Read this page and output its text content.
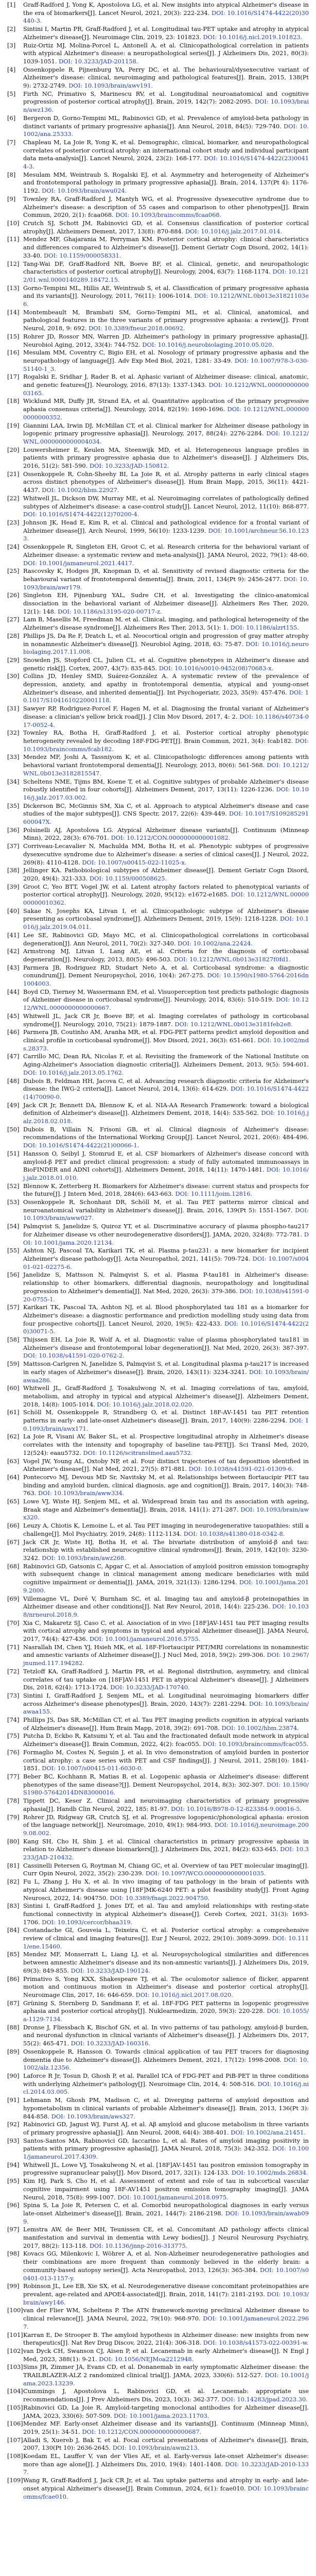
[1] Graff-Radford J, Yong K, Apostolova LG, et al. New insights into atypical Alzheimer's disease in the era of biomarkers[J]. Lancet Neurol, 2021, 20(3): 222-234. DOI: 10.1016/S1474-4422(20)30440-3.
[2] Sintini I, Martin PR, Graff-Radford J, et al. Longitudinal tau-PET uptake and atrophy in atypical Alzheimer's disease[J]. Neuroimage Clin, 2019, 23: 101823. DOI: 10.1016/j.nicl.2019.101823.
[3] Ruiz-Ortiz MJ, Molina-Porcel L, Antonell A, et al. Clinicopathological correlation in patients with atypical Alzheimer's disease: a neuropathological series[J]. J Alzheimers Dis, 2021, 80(3): 1039-1051. DOI: 10.3233/JAD-201158.
[4] Ossenkoppele R, Pijnenburg YA, Perry DC, et al. The behavioural/dysexecutive variant of Alzheimer's disease: clinical, neuroimaging and pathological features[J]. Brain, 2015, 138(Pt 9): 2732-2749. DOI: 10.1093/brain/awv191.
[5] Firth NC, Primativo S, Marinescu RV, et al. Longitudinal neuroanatomical and cognitive progression of posterior cortical atrophy[J]. Brain, 2019, 142(7): 2082-2095. DOI: 10.1093/brain/awz136.
[6] Bergeron D, Gorno-Tempini ML, Rabinovici GD, et al. Prevalence of amyloid-beta pathology in distinct variants of primary progressive aphasia[J]. Ann Neurol, 2018, 84(5): 729-740. DOI: 10.1002/ana.25333.
[7] Chapleau M, La Joie R, Yong K, et al. Demographic, clinical, biomarker, and neuropathological correlates of posterior cortical atrophy: an international cohort study and individual participant data meta-analysis[J]. Lancet Neurol, 2024, 23(2): 168-177. DOI: 10.1016/S1474-4422(23)00414-3.
[8] Mesulam MM, Weintraub S, Rogalski EJ, et al. Asymmetry and heterogeneity of Alzheimer's and frontotemporal pathology in primary progressive aphasia[J]. Brain, 2014, 137(Pt 4): 1176-1192. DOI: 10.1093/brain/awu024.
[9] Townley RA, Graff-Radford J, Mantyh WG, et al. Progressive dysexecutive syndrome due to Alzheimer's disease: a description of 55 cases and comparison to other phenotypes[J]. Brain Commun, 2020, 2(1): fcaa068. DOI: 10.1093/braincomms/fcaa068.
[10] Crutch SJ, Schott JM, Rabinovici GD, et al. Consensus classification of posterior cortical atrophy[J]. Alzheimers Dement, 2017, 13(8): 870-884. DOI: 10.1016/j.jalz.2017.01.014.
[11] Mendez MF, Ghajarania M, Perryman KM. Posterior cortical atrophy: clinical characteristics and differences compared to Alzheimer's disease[J]. Dement Geriatr Cogn Disord, 2002, 14(1): 33-40. DOI: 10.1159/000058331.
[12] Tang-Wai DF, Graff-Radford NR, Boeve BF, et al. Clinical, genetic, and neuropathologic characteristics of posterior cortical atrophy[J]. Neurology, 2004, 63(7): 1168-1174. DOI: 10.1212/01.wnl.0000140289.18472.15.
[13] Gorno-Tempini ML, Hillis AE, Weintraub S, et al. Classification of primary progressive aphasia and its variants[J]. Neurology, 2011, 76(11): 1006-1014. DOI: 10.1212/WNL.0b013e31821103e6.
[14] Montembeault M, Brambati SM, Gorno-Tempini ML, et al. Clinical, anatomical, and pathological features in the three variants of primary progressive aphasia: a review[J]. Front Neurol, 2018, 9: 692. DOI: 10.3389/fneur.2018.00692.
[15] Rohrer JD, Rossor MN, Warren JD. Alzheimer's pathology in primary progressive aphasia[J]. Neurobiol Aging, 2012, 33(4): 744-752. DOI: 10.1016/j.neurobiolaging.2010.05.020.
[16] Mesulam MM, Coventry C, Bigio EH, et al. Nosology of primary progressive aphasia and the neuropathology of language[J]. Adv Exp Med Biol, 2021, 1281: 33-49. DOI: 10.1007/978-3-030-51140-1_3.
[17] Rogalski E, Sridhar J, Rader B, et al. Aphasic variant of Alzheimer disease: clinical, anatomic, and genetic features[J]. Neurology, 2016, 87(13): 1337-1343. DOI: 10.1212/WNL.0000000000003165.
[18] Wicklund MR, Duffy JR, Strand EA, et al. Quantitative application of the primary progressive aphasia consensus criteria[J]. Neurology, 2014, 82(19): 1690-1696. DOI: 10.1212/WNL.0000000000000352.
[19] Giannini LAA, Irwin DJ, McMillan CT, et al. Clinical marker for Alzheimer disease pathology in logopenic primary progressive aphasia[J]. Neurology, 2017, 88(24): 2276-2284. DOI: 10.1212/WNL.0000000000004034.
[20] Louwersheimer E, Keulen MA, Steenwijk MD, et al. Heterogeneous language profiles in patients with primary progressive aphasia due to Alzheimer's disease[J]. J Alzheimers Dis, 2016, 51(2): 581-590. DOI: 10.3233/JAD-150812.
[21] Ossenkoppele R, Cohn-Sheehy BI, La Joie R, et al. Atrophy patterns in early clinical stages across distinct phenotypes of Alzheimer's disease[J]. Hum Brain Mapp, 2015, 36(11): 4421-4437. DOI: 10.1002/hbm.22927.
[22] Whitwell JL, Dickson DW, Murray ME, et al. Neuroimaging correlates of pathologically defined subtypes of Alzheimer's disease: a case-control study[J]. Lancet Neurol, 2012, 11(10): 868-877. DOI: 10.1016/S1474-4422(12)70200-4.
[23] Johnson JK, Head E, Kim R, et al. Clinical and pathological evidence for a frontal variant of Alzheimer disease[J]. Arch Neurol, 1999, 56(10): 1233-1239. DOI: 10.1001/archneur.56.10.1233.
[24] Ossenkoppele R, Singleton EH, Groot C, et al. Research criteria for the behavioral variant of Alzheimer disease: a systematic review and meta-analysis[J]. JAMA Neurol, 2022, 79(1): 48-60. DOI: 10.1001/jamaneurol.2021.4417.
[25] Rascovsky K, Hodges JR, Knopman D, et al. Sensitivity of revised diagnostic criteria for the behavioural variant of frontotemporal dementia[J]. Brain, 2011, 134(Pt 9): 2456-2477. DOI: 10.1093/brain/awr179.
[26] Singleton EH, Pijnenburg YAL, Sudre CH, et al. Investigating the clinico-anatomical dissociation in the behavioral variant of Alzheimer disease[J]. Alzheimers Res Ther, 2020, 12(1): 148. DOI: 10.1186/s13195-020-00717-z.
[27] Lam B, Masellis M, Freedman M, et al. Clinical, imaging, and pathological heterogeneity of the Alzheimer's disease syndrome[J]. Alzheimers Res Ther, 2013, 5(1): 1. DOI: 10.1186/alzrt155.
[28] Phillips JS, Da Re F, Dratch L, et al. Neocortical origin and progression of gray matter atrophy in nonamnestic Alzheimer's disease[J]. Neurobiol Aging, 2018, 63: 75-87. DOI: 10.1016/j.neurobiolaging.2017.11.008.
[29] Snowden JS, Stopford CL, Julien CL, et al. Cognitive phenotypes in Alzheimer's disease and genetic risk[J]. Cortex, 2007, 43(7): 835-845. DOI: 10.1016/s0010-9452(08)70683-x.
[30] Collins JD, Henley SMD, Suárez-González A. A systematic review of the prevalence of depression, anxiety, and apathy in frontotemporal dementia, atypical and young-onset Alzheimer's disease, and inherited dementia[J]. Int Psychogeriatr, 2023, 35(9): 457-476. DOI: 10.1017/S1041610220001118.
[31] Sawyer RP, Rodriguez-Porcel F, Hagen M, et al. Diagnosing the frontal variant of Alzheimer's disease: a clinician's yellow brick road[J]. J Clin Mov Disord, 2017, 4: 2. DOI: 10.1186/s40734-017-0052-4.
[32] Townley RA, Botha H, Graff-Radford J, et al. Posterior cortical atrophy phenotypic heterogeneity revealed by decoding 18F-FDG-PET[J]. Brain Commun, 2021, 3(4): fcab182. DOI: 10.1093/braincomms/fcab182.
[33] Mendez MF, Joshi A, Tassniyom K, et al. Clinicopathologic differences among patients with behavioral variant frontotemporal dementia[J]. Neurology, 2013, 80(6): 561-568. DOI: 10.1212/WNL.0b013e3182815547.
[34] Scheltens NME, Tijms BM, Koene T, et al. Cognitive subtypes of probable Alzheimer's disease robustly identified in four cohorts[J]. Alzheimers Dement, 2017, 13(11): 1226-1236. DOI: 10.1016/j.jalz.2017.03.002.
[35] Dickerson BC, McGinnis SM, Xia C, et al. Approach to atypical Alzheimer's disease and case studies of the major subtypes[J]. CNS Spectr, 2017, 22(6): 439-449. DOI: 10.1017/S109285291600047X.
[36] Polsinelli AJ, Apostolova LG. Atypical Alzheimer disease variants[J]. Continuum (Minneap Minn), 2022, 28(3): 676-701. DOI: 10.1212/CON.0000000000001082.
[37] Corriveau-Lecavalier N, Machulda MM, Botha H, et al. Phenotypic subtypes of progressive dysexecutive syndrome due to Alzheimer's disease: a series of clinical cases[J]. J Neurol, 2022, 269(8): 4110-4128. DOI: 10.1007/s00415-022-11025-x.
[38] Jellinger KA. Pathobiological subtypes of Alzheimer disease[J]. Dement Geriatr Cogn Disord, 2020, 49(4): 321-333. DOI: 10.1159/000508625.
[39] Groot C, Yeo BTT, Vogel JW, et al. Latent atrophy factors related to phenotypical variants of posterior cortical atrophy[J]. Neurology, 2020, 95(12): e1672-e1685. DOI: 10.1212/WNL.0000000000010362.
[40] Sakae N, Josephs KA, Litvan I, et al. Clinicopathologic subtype of Alzheimer's disease presenting as corticobasal syndrome[J]. Alzheimers Dement, 2019, 15(9): 1218-1228. DOI: 10.1016/j.jalz.2019.04.011.
[41] Lee SE, Rabinovici GD, Mayo MC, et al. Clinicopathological correlations in corticobasal degeneration[J]. Ann Neurol, 2011, 70(2): 327-340. DOI: 10.1002/ana.22424.
[42] Armstrong MJ, Litvan I, Lang AE, et al. Criteria for the diagnosis of corticobasal degeneration[J]. Neurology, 2013, 80(5): 496-503. DOI: 10.1212/WNL.0b013e31827f0fd1.
[43] Parmera JB, Rodriguez RD, Studart Neto A, et al. Corticobasal syndrome: a diagnostic conundrum[J]. Dement Neuropsychol, 2016, 10(4): 267-275. DOI: 10.1590/s1980-5764-2016dn1004003.
[44] Boyd CD, Tierney M, Wassermann EM, et al. Visuoperception test predicts pathologic diagnosis of Alzheimer disease in corticobasal syndrome[J]. Neurology, 2014, 83(6): 510-519. DOI: 10.1212/WNL.0000000000000667.
[45] Whitwell JL, Jack CR Jr, Boeve BF, et al. Imaging correlates of pathology in corticobasal syndrome[J]. Neurology, 2010, 75(21): 1879-1887. DOI: 10.1212/WNL.0b013e3181feb2e8.
[46] Parmera JB, Coutinho AM, Aranha MR, et al. FDG-PET patterns predict amyloid deposition and clinical profile in corticobasal syndrome[J]. Mov Disord, 2021, 36(3): 651-661. DOI: 10.1002/mds.28373.
[47] Carrillo MC, Dean RA, Nicolas F, et al. Revisiting the framework of the National Institute on Aging-Alzheimer's Association diagnostic criteria[J]. Alzheimers Dement, 2013, 9(5): 594-601. DOI: 10.1016/j.jalz.2013.05.1762.
[48] Dubois B, Feldman HH, Jacova C, et al. Advancing research diagnostic criteria for Alzheimer's disease: the IWG-2 criteria[J]. Lancet Neurol, 2014, 13(6): 614-629. DOI: 10.1016/S1474-4422(14)70090-0.
[49] Jack CR Jr, Bennett DA, Blennow K, et al. NIA-AA Research Framework: toward a biological definition of Alzheimer's disease[J]. Alzheimers Dement, 2018, 14(4): 535-562. DOI: 10.1016/j.jalz.2018.02.018.
[50] Dubois B, Villain N, Frisoni GB, et al. Clinical diagnosis of Alzheimer's disease: recommendations of the International Working Group[J]. Lancet Neurol, 2021, 20(6): 484-496. DOI: 10.1016/S1474-4422(21)00066-1.
[51] Hansson O, Seibyl J, Stomrud E, et al. CSF biomarkers of Alzheimer's disease concord with amyloid-β PET and predict clinical progression: a study of fully automated immunoassays in BioFINDER and ADNI cohorts[J]. Alzheimers Dement, 2018, 14(11): 1470-1481. DOI: 10.1016/j.jalz.2018.01.010.
[52] Blennow K, Zetterberg H. Biomarkers for Alzheimer's disease: current status and prospects for the future[J]. J Intern Med, 2018, 284(6): 643-663. DOI: 10.1111/joim.12816.
[53] Ossenkoppele R, Schonhaut DR, Schöll M, et al. Tau PET patterns mirror clinical and neuroanatomical variability in Alzheimer's disease[J]. Brain, 2016, 139(Pt 5): 1551-1567. DOI: 10.1093/brain/aww027.
[54] Palmqvist S, Janelidze S, Quiroz YT, et al. Discriminative accuracy of plasma phospho-tau217 for Alzheimer disease vs other neurodegenerative disorders[J]. JAMA, 2020, 324(8): 772-781. DOI: 10.1001/jama.2020.12134.
[55] Ashton NJ, Pascoal TA, Karikari TK, et al. Plasma p-tau231: a new biomarker for incipient Alzheimer's disease pathology[J]. Acta Neuropathol, 2021, 141(5): 709-724. DOI: 10.1007/s00401-021-02275-6.
[56] Janelidze S, Mattsson N, Palmqvist S, et al. Plasma P-tau181 in Alzheimer's disease: relationship to other biomarkers, differential diagnosis, neuropathology and longitudinal progression to Alzheimer's dementia[J]. Nat Med, 2020, 26(3): 379-386. DOI: 10.1038/s41591-020-0755-1.
[57] Karikari TK, Pascoal TA, Ashton NJ, et al. Blood phosphorylated tau 181 as a biomarker for Alzheimer's disease: a diagnostic performance and prediction modelling study using data from four prospective cohorts[J]. Lancet Neurol, 2020, 19(5): 422-433. DOI: 10.1016/S1474-4422(20)30071-5.
[58] Thijssen EH, La Joie R, Wolf A, et al. Diagnostic value of plasma phosphorylated tau181 in Alzheimer's disease and frontotemporal lobar degeneration[J]. Nat Med, 2020, 26(3): 387-397. DOI: 10.1038/s41591-020-0762-2.
[59] Mattsson-Carlgren N, Janelidze S, Palmqvist S, et al. Longitudinal plasma p-tau217 is increased in early stages of Alzheimer's disease[J]. Brain, 2020, 143(11): 3234-3241. DOI: 10.1093/brain/awaa286.
[60] Whitwell JL, Graff-Radford J, Tosakulwong N, et al. Imaging correlations of tau, amyloid, metabolism, and atrophy in typical and atypical Alzheimer's disease[J]. Alzheimers Dement, 2018, 14(8): 1005-1014. DOI: 10.1016/j.jalz.2018.02.020.
[61] Schöll M, Ossenkoppele R, Strandberg O, et al. Distinct 18F-AV-1451 tau PET retention patterns in early- and late-onset Alzheimer's disease[J]. Brain, 2017, 140(9): 2286-2294. DOI: 10.1093/brain/awx171.
[62] La Joie R, Visani AV, Baker SL, et al. Prospective longitudinal atrophy in Alzheimer's disease correlates with the intensity and topography of baseline tau-PET[J]. Sci Transl Med, 2020, 12(524): eaau5732. DOI: 10.1126/scitranslmed.aau5732.
[63] Vogel JW, Young AL, Oxtoby NP, et al. Four distinct trajectories of tau deposition identified in Alzheimer's disease[J]. Nat Med, 2021, 27(5): 871-881. DOI: 10.1038/s41591-021-01309-6.
[64] Pontecorvo MJ, Devous MD Sr, Navitsky M, et al. Relationships between flortaucipir PET tau binding and amyloid burden, clinical diagnosis, age and cognition[J]. Brain, 2017, 140(3): 748-763. DOI: 10.1093/brain/aww334.
[65] Lowe VJ, Wiste HJ, Senjem ML, et al. Widespread brain tau and its association with ageing, Braak stage and Alzheimer's dementia[J]. Brain, 2018, 141(1): 271-287. DOI: 10.1093/brain/awx320.
[66] Leuzy A, Chiotis K, Lemoine L, et al. Tau PET imaging in neurodegenerative tauopathies: still a challenge[J]. Mol Psychiatry, 2019, 24(8): 1112-1134. DOI: 10.1038/s41380-018-0342-8.
[67] Jack CR Jr, Wiste HJ, Botha H, et al. The bivariate distribution of amyloid-β and tau: relationship with established neurocognitive clinical syndromes[J]. Brain, 2019, 142(10): 3230-3242. DOI: 10.1093/brain/awz268.
[68] Rabinovici GD, Gatsonis C, Apgar C, et al. Association of amyloid positron emission tomography with subsequent change in clinical management among medicare beneficiaries with mild cognitive impairment or dementia[J]. JAMA, 2019, 321(13): 1286-1294. DOI: 10.1001/jama.2019.2000.
[69] Villemagne VL, Doré V, Burnham SC, et al. Imaging tau and amyloid-β proteinopathies in Alzheimer disease and other conditions[J]. Nat Rev Neurol, 2018, 14(4): 225-236. DOI: 10.1038/nrneurol.2018.9.
[70] Xia C, Makaretz SJ, Caso C, et al. Association of in vivo [18F]AV-1451 tau PET imaging results with cortical atrophy and symptoms in typical and atypical Alzheimer disease[J]. JAMA Neurol, 2017, 74(4): 427-436. DOI: 10.1001/jamaneurol.2016.5755.
[71] Nasrallah IM, Chen YJ, Hsieh MK, et al. 18F-Flortaucipir PET/MRI correlations in nonamnestic and amnestic variants of Alzheimer disease[J]. J Nucl Med, 2018, 59(2): 299-306. DOI: 10.2967/jnumed.117.194282.
[72] Tetzloff KA, Graff-Radford J, Martin PR, et al. Regional distribution, asymmetry, and clinical correlates of tau uptake on [18F]AV-1451 PET in atypical Alzheimer's disease[J]. J Alzheimers Dis, 2018, 62(4): 1713-1724. DOI: 10.3233/JAD-170740.
[73] Sintini I, Graff-Radford J, Senjem ML, et al. Longitudinal neuroimaging biomarkers differ across Alzheimer's disease phenotypes[J]. Brain, 2020, 143(7): 2281-2294. DOI: 10.1093/brain/awaa155.
[74] Phillips JS, Das SR, McMillan CT, et al. Tau PET imaging predicts cognition in atypical variants of Alzheimer's disease[J]. Hum Brain Mapp, 2018, 39(2): 691-708. DOI: 10.1002/hbm.23874.
[75] Putcha D, Eckbo R, Katsumi Y, et al. Tau and the fractionated default mode network in atypical Alzheimer's disease[J]. Brain Commun, 2022, 4(2): fcac055. DOI: 10.1093/braincomms/fcac055.
[76] Formaglio M, Costes N, Seguin J, et al. In vivo demonstration of amyloid burden in posterior cortical atrophy: a case series with PET and CSF findings[J]. J Neurol, 2011, 258(10): 1841-1851. DOI: 10.1007/s00415-011-6030-0.
[77] Beber BC, Kochhann R, Matias B, et al. Logopenic aphasia or Alzheimer's disease: different phenotypes of the same disease?[J]. Dement Neuropsychol, 2014, 8(3): 302-307. DOI: 10.1590/S1980-57642014DN83000016.
[78] Tippett DC, Keser Z. Clinical and neuroimaging characteristics of primary progressive aphasia[J]. Handb Clin Neurol, 2022, 185: 81-97. DOI: 10.1016/B978-0-12-823384-9.00016-5.
[79] Rohrer JD, Ridgway GR, Crutch SJ, et al. Progressive logopenic/phonological aphasia: erosion of the language network[J]. Neuroimage, 2010, 49(1): 984-993. DOI: 10.1016/j.neuroimage.2009.08.002.
[80] Kang SH, Cho H, Shin J, et al. Clinical characteristics in primary progressive aphasia in relation to Alzheimer's disease biomarkers[J]. J Alzheimers Dis, 2021, 84(2): 633-645. DOI: 10.3233/JAD-210432.
[81] Cassinelli Petersen G, Roytman M, Chiang GC, et al. Overview of tau PET molecular imaging[J]. Curr Opin Neurol, 2022, 35(2): 230-239. DOI: 10.1097/WCO.0000000000001035.
[82] Fu L, Zhang J, Hu X, et al. In vivo imaging of tau pathology in the brain of patients with atypical Alzheimer's disease using [18F]MK-6240 PET: a pilot feasibility study[J]. Front Aging Neurosci, 2022, 14: 904750. DOI: 10.3389/fnagi.2022.904750.
[83] Sintini I, Graff-Radford J, Jones DT, et al. Tau and amyloid relationships with resting-state functional connectivity in atypical Alzheimer's disease[J]. Cereb Cortex, 2021, 31(3): 1693-1706. DOI: 10.1093/cercor/bhaa319.
[84] Costandache GI, Gouveia L, Teixeira C, et al. Posterior cortical atrophy: a comprehensive review of clinical and imaging features[J]. Eur J Neurol, 2022, 29(10): 3089-3099. DOI: 10.1111/ene.15460.
[85] Mendez MF, Monserratt L, Liang LJ, et al. Neuropsychological similarities and differences between amnestic Alzheimer's disease and its non-amnestic variants[J]. J Alzheimers Dis, 2019, 69(3): 849-855. DOI: 10.3233/JAD-190124.
[86] Primativo S, Yong KXX, Shakespeare TJ, et al. The oculomotor salience of flicker, apparent motion and continuous motion in Alzheimer's disease and posterior cortical atrophy[J]. Neuroimage Clin, 2017, 16: 646-659. DOI: 10.1016/j.nicl.2017.08.020.
[87] Grüning S, Sternberg D, Sandmann F, et al. 18F-FDG PET patterns in logopenic progressive aphasia and posterior cortical atrophy[J]. Nuklearmedizin, 2020, 59(3): 220-228. DOI: 10.1055/a-1129-7134.
[88] Dronse J, Fliessbach K, Bischof GN, et al. In vivo patterns of tau pathology, amyloid-β burden, and neuronal dysfunction in clinical variants of Alzheimer's disease[J]. J Alzheimers Dis, 2017, 55(2): 465-471. DOI: 10.3233/JAD-160316.
[89] Ossenkoppele R, Hansson O. Towards clinical application of tau PET tracers for diagnosing dementia due to Alzheimer's disease[J]. Alzheimers Dement, 2021, 17(12): 1998-2008. DOI: 10.1002/alz.12356.
[90] Laforce R Jr, Tosun D, Ghosh P, et al. Parallel ICA of FDG-PET and PiB-PET in three conditions with underlying Alzheimer's pathology[J]. Neuroimage Clin, 2014, 4: 508-516. DOI: 10.1016/j.nicl.2014.03.005.
[91] Lehmann M, Ghosh PM, Madison C, et al. Diverging patterns of amyloid deposition and hypometabolism in clinical variants of probable Alzheimer's disease[J]. Brain, 2013, 136(Pt 3): 844-858. DOI: 10.1093/brain/aws327.
[92] Rabinovici GD, Jagust WJ, Furst AJ, et al. Aβ amyloid and glucose metabolism in three variants of primary progressive aphasia[J]. Ann Neurol, 2008, 64(4): 388-401. DOI: 10.1002/ana.21451.
[93] Santos-Santos MA, Rabinovici GD, Iaccarino L, et al. Rates of amyloid imaging positivity in patients with primary progressive aphasia[J]. JAMA Neurol, 2018, 75(3): 342-352. DOI: 10.1001/jamaneurol.2017.4309.
[94] Whitwell JL, Lowe VJ, Tosakulwong N, et al. [18F]AV-1451 tau positron emission tomography in progressive supranuclear palsy[J]. Mov Disord, 2017, 32(1): 124-133. DOI: 10.1002/mds.26834.
[95] Kim HJ, Park S, Cho H, et al. Assessment of extent and role of tau in subcortical vascular cognitive impairment using 18F-AV1451 positron emission tomography imaging[J]. JAMA Neurol, 2018, 75(8): 999-1007. DOI: 10.1001/jamaneurol.2018.0975.
[96] Spina S, La Joie R, Petersen C, et al. Comorbid neuropathological diagnoses in early versus late-onset Alzheimer's disease[J]. Brain, 2021, 144(7): 2186-2198. DOI: 10.1093/brain/awab099.
[97] Lemstra AW, de Beer MH, Teunissen CE, et al. Concomitant AD pathology affects clinical manifestation and survival in dementia with Lewy bodies[J]. J Neurol Neurosurg Psychiatry, 2017, 88(2): 113-118. DOI: 10.1136/jnnp-2016-313775.
[98] Kovacs GG, Milenkovic I, Wöhrer A, et al. Non-Alzheimer neurodegenerative pathologies and their combinations are more frequent than commonly believed in the elderly brain: a community-based autopsy series[J]. Acta Neuropathol, 2013, 126(3): 365-384. DOI: 10.1007/s00401-013-1157-y.
[99] Robinson JL, Lee EB, Xie SX, et al. Neurodegenerative disease concomitant proteinopathies are prevalent, age-related and APOE4-associated[J]. Brain, 2018, 141(7): 2181-2193. DOI: 10.1093/brain/awy146.
[100] van der Flier WM, Scheltens P. The ATN framework-moving preclinical Alzheimer disease to clinical relevance[J]. JAMA Neurol, 2022, 79(10): 968-970. DOI: 10.1001/jamaneurol.2022.2967.
[101] Karran E, De Strooper B. The amyloid hypothesis in Alzheimer disease: new insights from new therapeutics[J]. Nat Rev Drug Discov, 2022, 21(4): 306-318. DOI: 10.1038/s41573-022-00391-w.
[102] van Dyck CH, Swanson CJ, Aisen P, et al. Lecanemab in early Alzheimer's disease[J]. N Engl J Med, 2023, 388(1): 9-21. DOI: 10.1056/NEJMoa2212948.
[103] Sims JR, Zimmer JA, Evans CD, et al. Donanemab in early symptomatic Alzheimer disease: the TRAILBLAZER-ALZ 2 randomized clinical trial[J]. JAMA, 2023, 330(6): 512-527. DOI: 10.1001/jama.2023.13239.
[104] Cummings J, Apostolova L, Rabinovici GD, et al. Lecanemab: appropriate use recommendations[J]. J Prev Alzheimers Dis, 2023, 10(3): 362-377. DOI: 10.14283/jpad.2023.30.
[105] Rabinovici GD, La Joie R. Amyloid-targeting monoclonal antibodies for Alzheimer disease[J]. JAMA, 2023, 330(6): 507-509. DOI: 10.1001/jama.2023.11703.
[106] Mendez MF. Early-onset Alzheimer disease and its variants[J]. Continuum (Minneap Minn), 2019, 25(1): 34-51. DOI: 10.1212/CON.0000000000000687.
[107] Alladi S, Xuereb J, Bak T, et al. Focal cortical presentations of Alzheimer's disease[J]. Brain, 2007, 130(Pt 10): 2636-2645. DOI: 10.1093/brain/awm213.
[108] Koedam EL, Lauffer V, van der Vlies AE, et al. Early-versus late-onset Alzheimer's disease: more than age alone[J]. J Alzheimers Dis, 2010, 19(4): 1401-1408. DOI: 10.3233/JAD-2010-1337.
[109] Wang R, Graff-Radford J, Jack CR Jr, et al. Tau uptake patterns and atrophy in early- and late-onset atypical Alzheimer's disease[J]. Brain Commun, 2024, 6(1): fcae010. DOI: 10.1093/braincomms/fcae010.
